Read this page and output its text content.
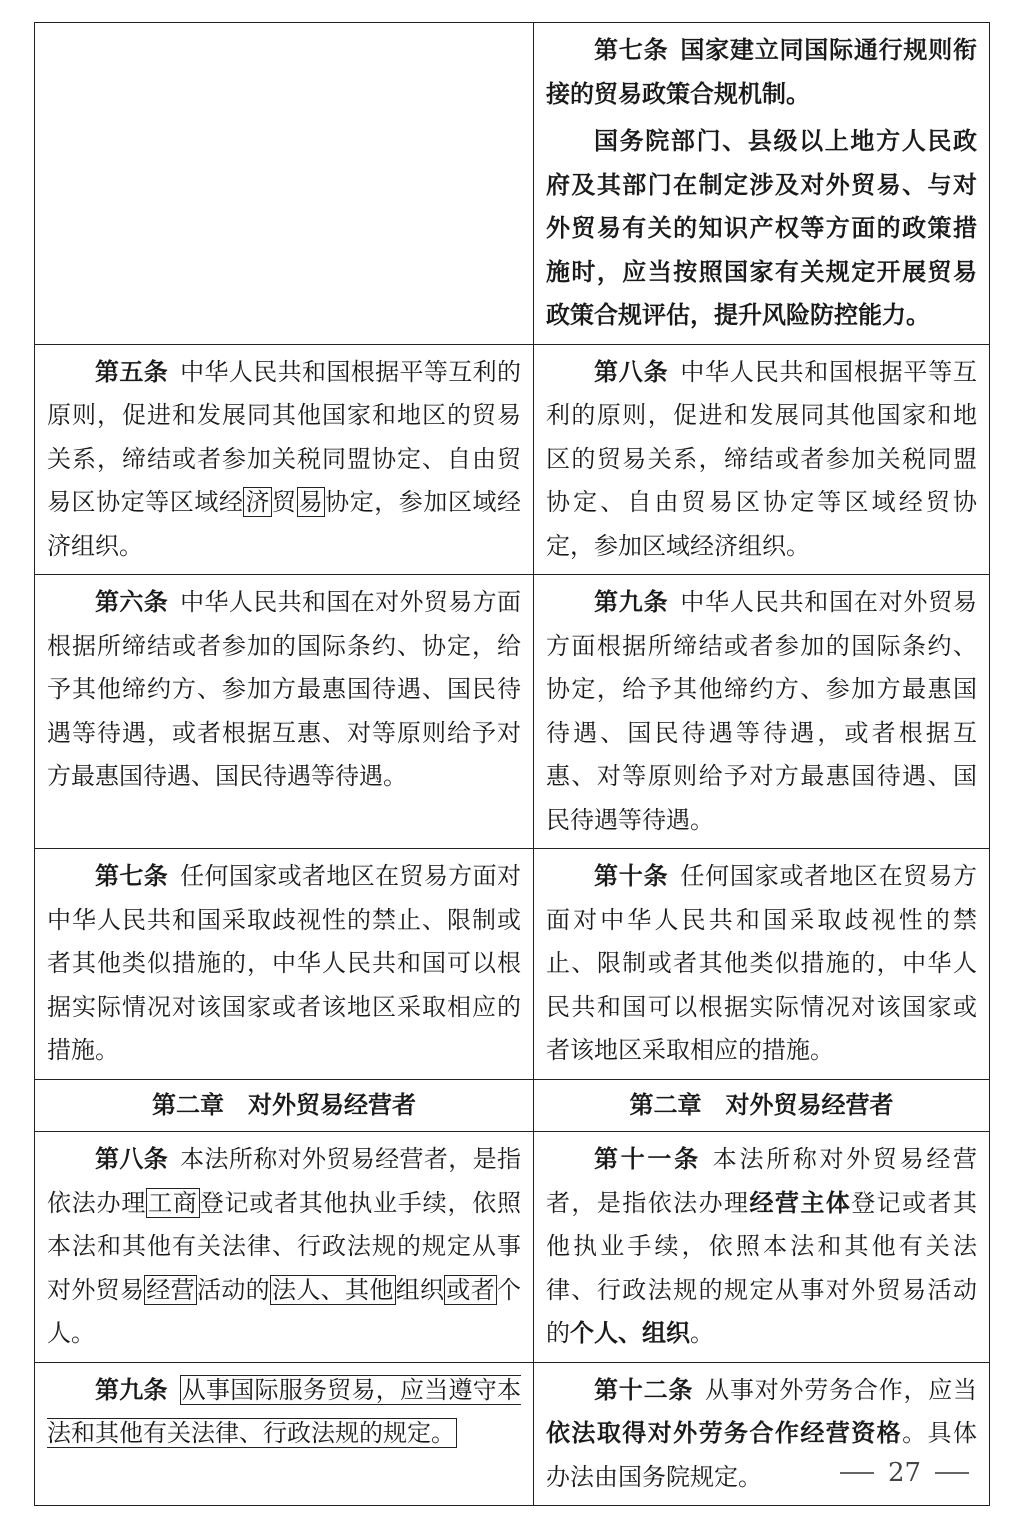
	第七条 国家建立同国际通行规则衔接的贸易政策合规机制。

国务院部门、县级以上地方人民政府及其部门在制定涉及对外贸易、与对外贸易有关的知识产权等方面的政策措施时，应当按照国家有关规定开展贸易政策合规评估，提升风险防控能力。

第五条 中华人民共和国根据平等互利的原则，促进和发展同其他国家和地区的贸易关系，缔结或者参加关税同盟协定、自由贸易区协定等区域经济贸易协定，参加区域经济组织。	第八条 中华人民共和国根据平等互利的原则，促进和发展同其他国家和地区的贸易关系，缔结或者参加关税同盟协定、自由贸易区协定等区域经贸协定，参加区域经济组织。

第六条 中华人民共和国在对外贸易方面根据所缔结或者参加的国际条约、协定，给予其他缔约方、参加方最惠国待遇、国民待遇等待遇，或者根据互惠、对等原则给予对方最惠国待遇、国民待遇等待遇。	第九条 中华人民共和国在对外贸易方面根据所缔结或者参加的国际条约、协定，给予其他缔约方、参加方最惠国待遇、国民待遇等待遇，或者根据互惠、对等原则给予对方最惠国待遇、国民待遇等待遇。

第七条 任何国家或者地区在贸易方面对中华人民共和国采取歧视性的禁止、限制或者其他类似措施的，中华人民共和国可以根据实际情况对该国家或者该地区采取相应的措施。	第十条 任何国家或者地区在贸易方面对中华人民共和国采取歧视性的禁止、限制或者其他类似措施的，中华人民共和国可以根据实际情况对该国家或者该地区采取相应的措施。

第二章 对外贸易经营者	第二章 对外贸易经营者

第八条 本法所称对外贸易经营者，是指依法办理工商登记或者其他执业手续，依照本法和其他有关法律、行政法规的规定从事对外贸易经营活动的法人、其他组织或者个人。	第十一条 本法所称对外贸易经营者，是指依法办理经营主体登记或者其他执业手续，依照本法和其他有关法律、行政法规的规定从事对外贸易活动的个人、组织。

第九条 从事国际服务贸易，应当遵守本法和其他有关法律、行政法规的规定。	第十二条 从事对外劳务合作，应当依法取得对外劳务合作经营资格。具体办法由国务院规定。	27
